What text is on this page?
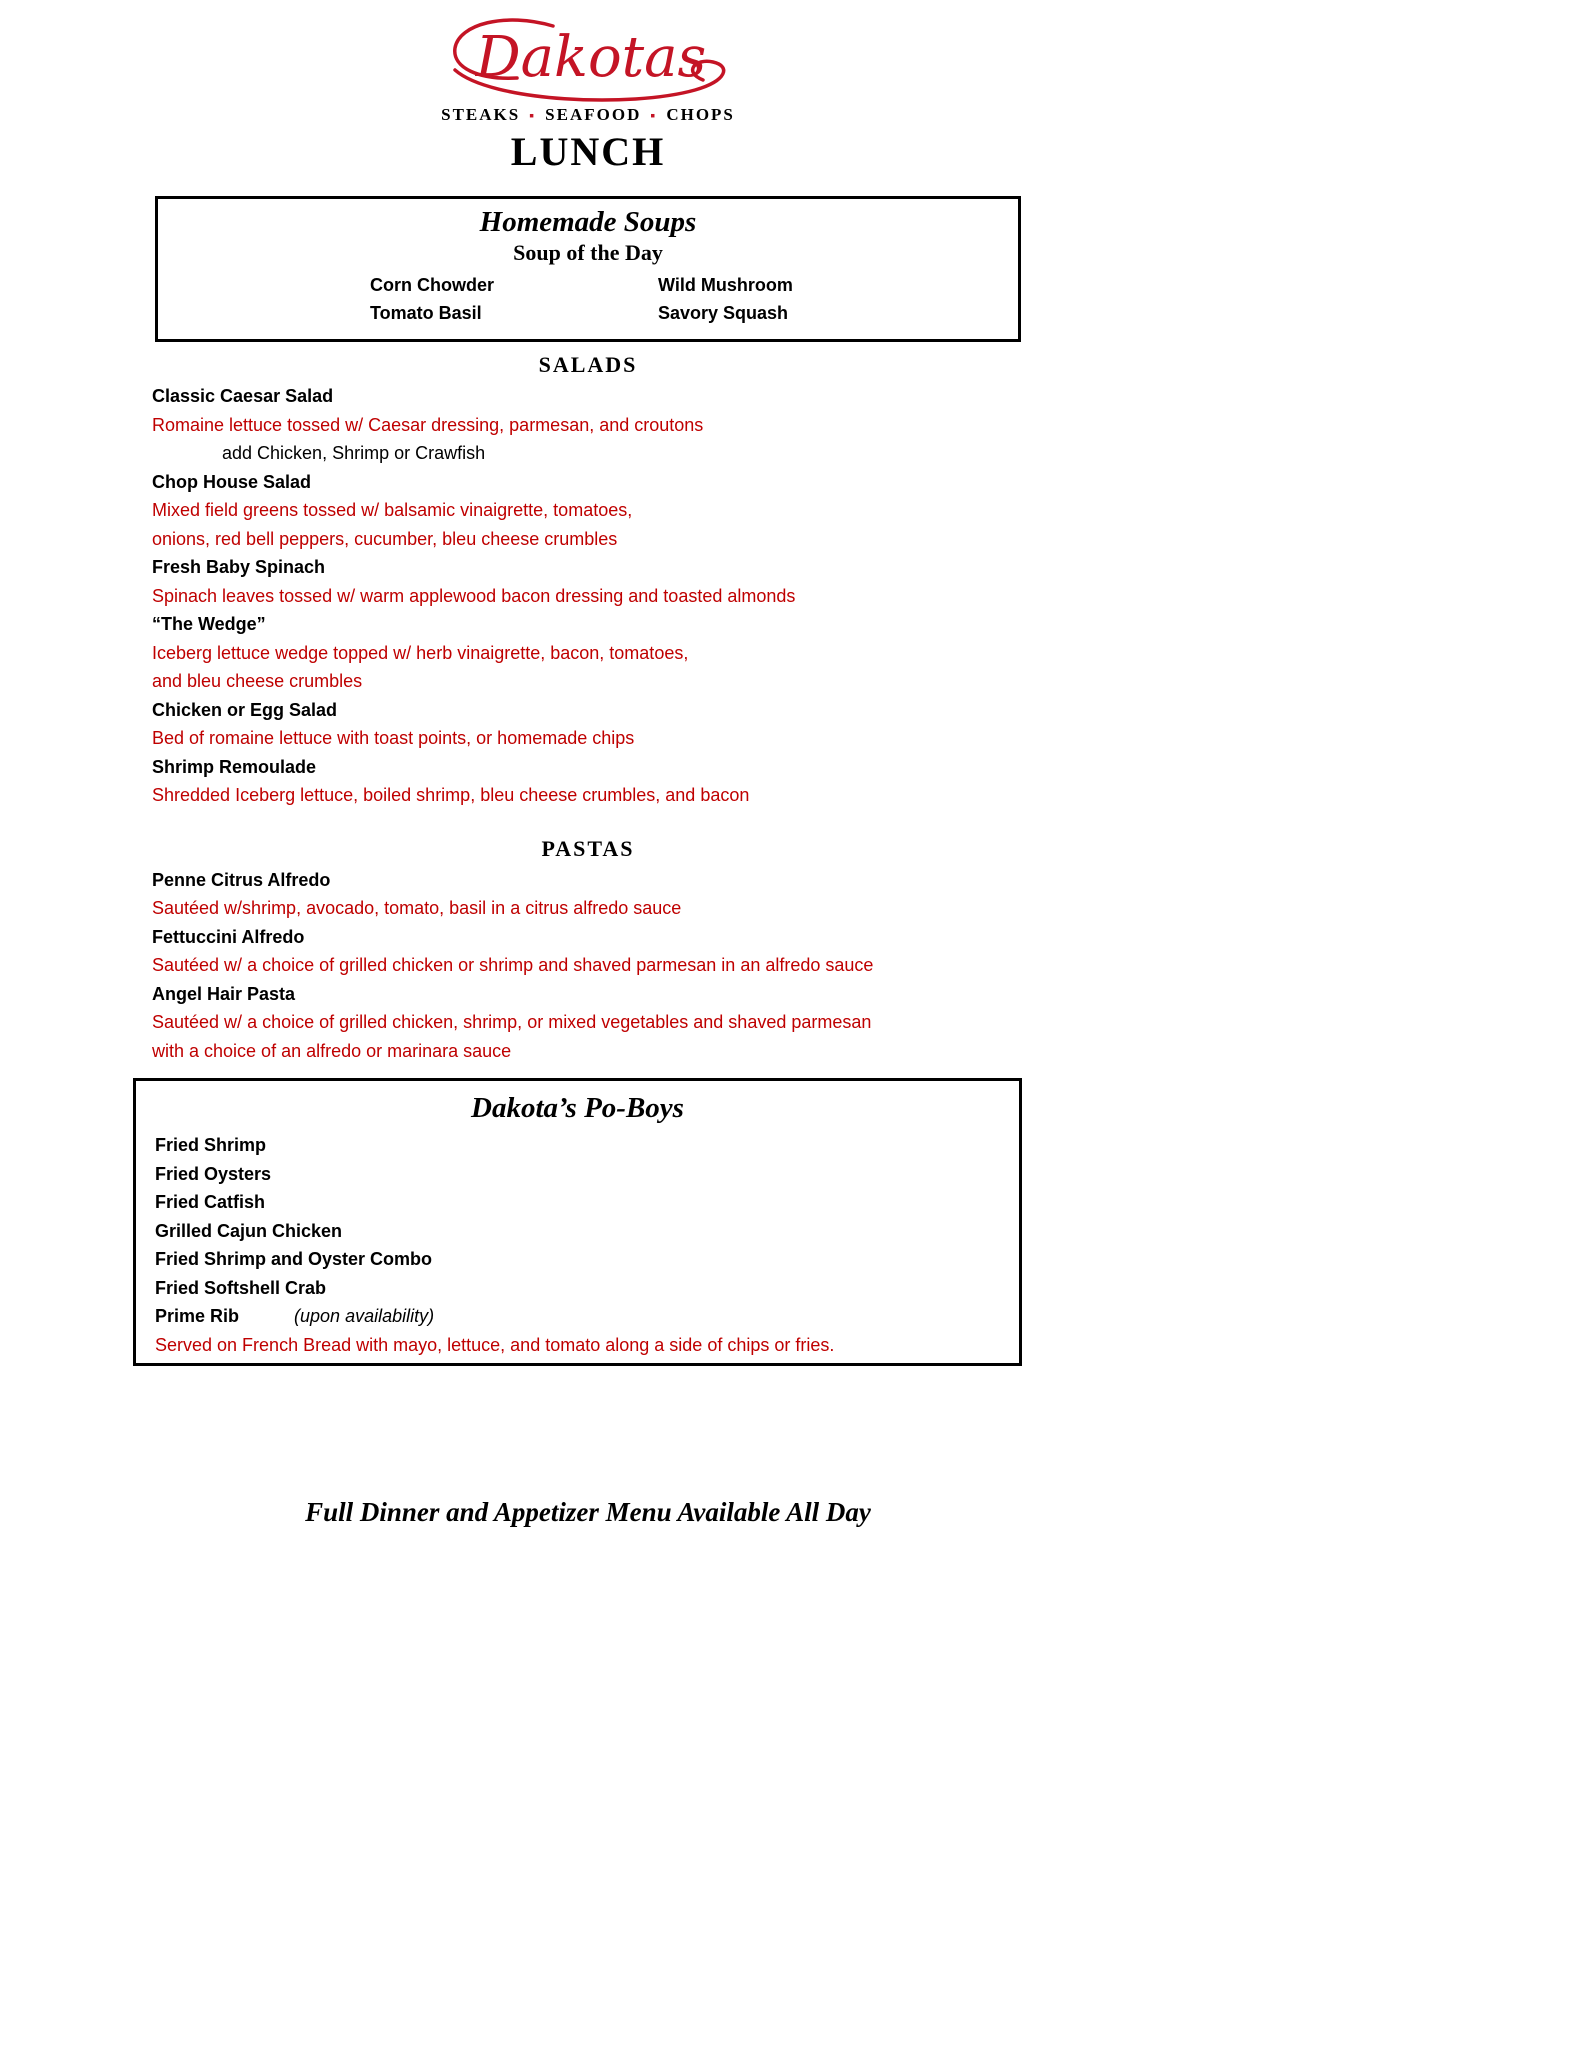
Dakotas
STEAKS ▪ SEAFOOD ▪ CHOPS
LUNCH
Homemade Soups
Soup of the Day
Corn Chowder
Tomato Basil
Wild Mushroom
Savory Squash
SALADS
Classic Caesar Salad
Romaine lettuce tossed w/ Caesar dressing, parmesan, and croutons
add Chicken, Shrimp or Crawfish
Chop House Salad
Mixed field greens tossed w/ balsamic vinaigrette, tomatoes,
onions, red bell peppers, cucumber, bleu cheese crumbles
Fresh Baby Spinach
Spinach leaves tossed w/ warm applewood bacon dressing and toasted almonds
“The Wedge”
Iceberg lettuce wedge topped w/ herb vinaigrette, bacon, tomatoes,
and bleu cheese crumbles
Chicken or Egg Salad
Bed of romaine lettuce with toast points, or homemade chips
Shrimp Remoulade
Shredded Iceberg lettuce, boiled shrimp, bleu cheese crumbles, and bacon
PASTAS
Penne Citrus Alfredo
Sautéed w/shrimp, avocado, tomato, basil in a citrus alfredo sauce
Fettuccini Alfredo
Sautéed w/ a choice of grilled chicken or shrimp and shaved parmesan in an alfredo sauce
Angel Hair Pasta
Sautéed w/ a choice of grilled chicken, shrimp, or mixed vegetables and shaved parmesan
with a choice of an alfredo or marinara sauce
Dakota’s Po-Boys
Fried Shrimp
Fried Oysters
Fried Catfish
Grilled Cajun Chicken
Fried Shrimp and Oyster Combo
Fried Softshell Crab
Prime Rib	(upon availability)
Served on French Bread with mayo, lettuce, and tomato along a side of chips or fries.
Full Dinner and Appetizer Menu Available All Day
